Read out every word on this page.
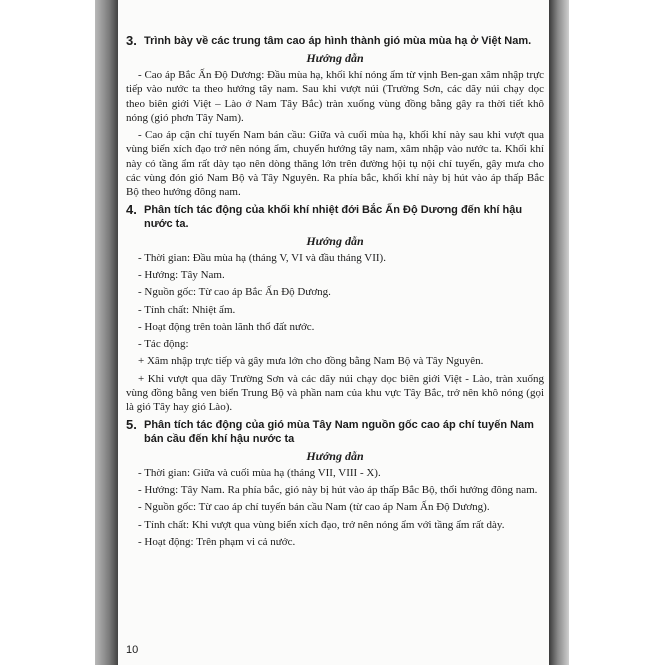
3. Trình bày về các trung tâm cao áp hình thành gió mùa mùa hạ ở Việt Nam.
Hướng dẫn

- Cao áp Bắc Ấn Độ Dương: Đầu mùa hạ, khối khí nóng ẩm từ vịnh Ben-gan xâm nhập trực tiếp vào nước ta theo hướng tây nam. Sau khi vượt núi (Trường Sơn, các dãy núi chạy dọc theo biên giới Việt – Lào ở Nam Tây Bắc) tràn xuống vùng đồng bằng gây ra thời tiết khô nóng (gió phơn Tây Nam).

- Cao áp cận chí tuyến Nam bán cầu: Giữa và cuối mùa hạ, khối khí này sau khi vượt qua vùng biển xích đạo trở nên nóng ẩm, chuyển hướng tây nam, xâm nhập vào nước ta. Khối khí này có tầng ẩm rất dày tạo nên dòng thăng lớn trên đường hội tụ nội chí tuyến, gây mưa cho các vùng đón gió Nam Bộ và Tây Nguyên. Ra phía bắc, khối khí này bị hút vào áp thấp Bắc Bộ theo hướng đông nam.

4. Phân tích tác động của khối khí nhiệt đới Bắc Ấn Độ Dương đến khí hậu nước ta.
Hướng dẫn

- Thời gian: Đầu mùa hạ (tháng V, VI và đầu tháng VII).

- Hướng: Tây Nam.

- Nguồn gốc: Từ cao áp Bắc Ấn Độ Dương.

- Tính chất: Nhiệt ẩm.

- Hoạt động trên toàn lãnh thổ đất nước.

- Tác động:

+ Xâm nhập trực tiếp và gây mưa lớn cho đồng bằng Nam Bộ và Tây Nguyên.

+ Khi vượt qua dãy Trường Sơn và các dãy núi chạy dọc biên giới Việt - Lào, tràn xuống vùng đồng bằng ven biển Trung Bộ và phần nam của khu vực Tây Bắc, trở nên khô nóng (gọi là gió Tây hay gió Lào).

5. Phân tích tác động của gió mùa Tây Nam nguồn gốc cao áp chí tuyến Nam bán cầu đến khí hậu nước ta
Hướng dẫn

- Thời gian: Giữa và cuối mùa hạ (tháng VII, VIII - X).

- Hướng: Tây Nam. Ra phía bắc, gió này bị hút vào áp thấp Bắc Bộ, thổi hướng đông nam.

- Nguồn gốc: Từ cao áp chí tuyến bán cầu Nam (từ cao áp Nam Ấn Độ Dương).

- Tính chất: Khi vượt qua vùng biển xích đạo, trở nên nóng ẩm với tầng ẩm rất dày.

- Hoạt động: Trên phạm vi cả nước.

10
